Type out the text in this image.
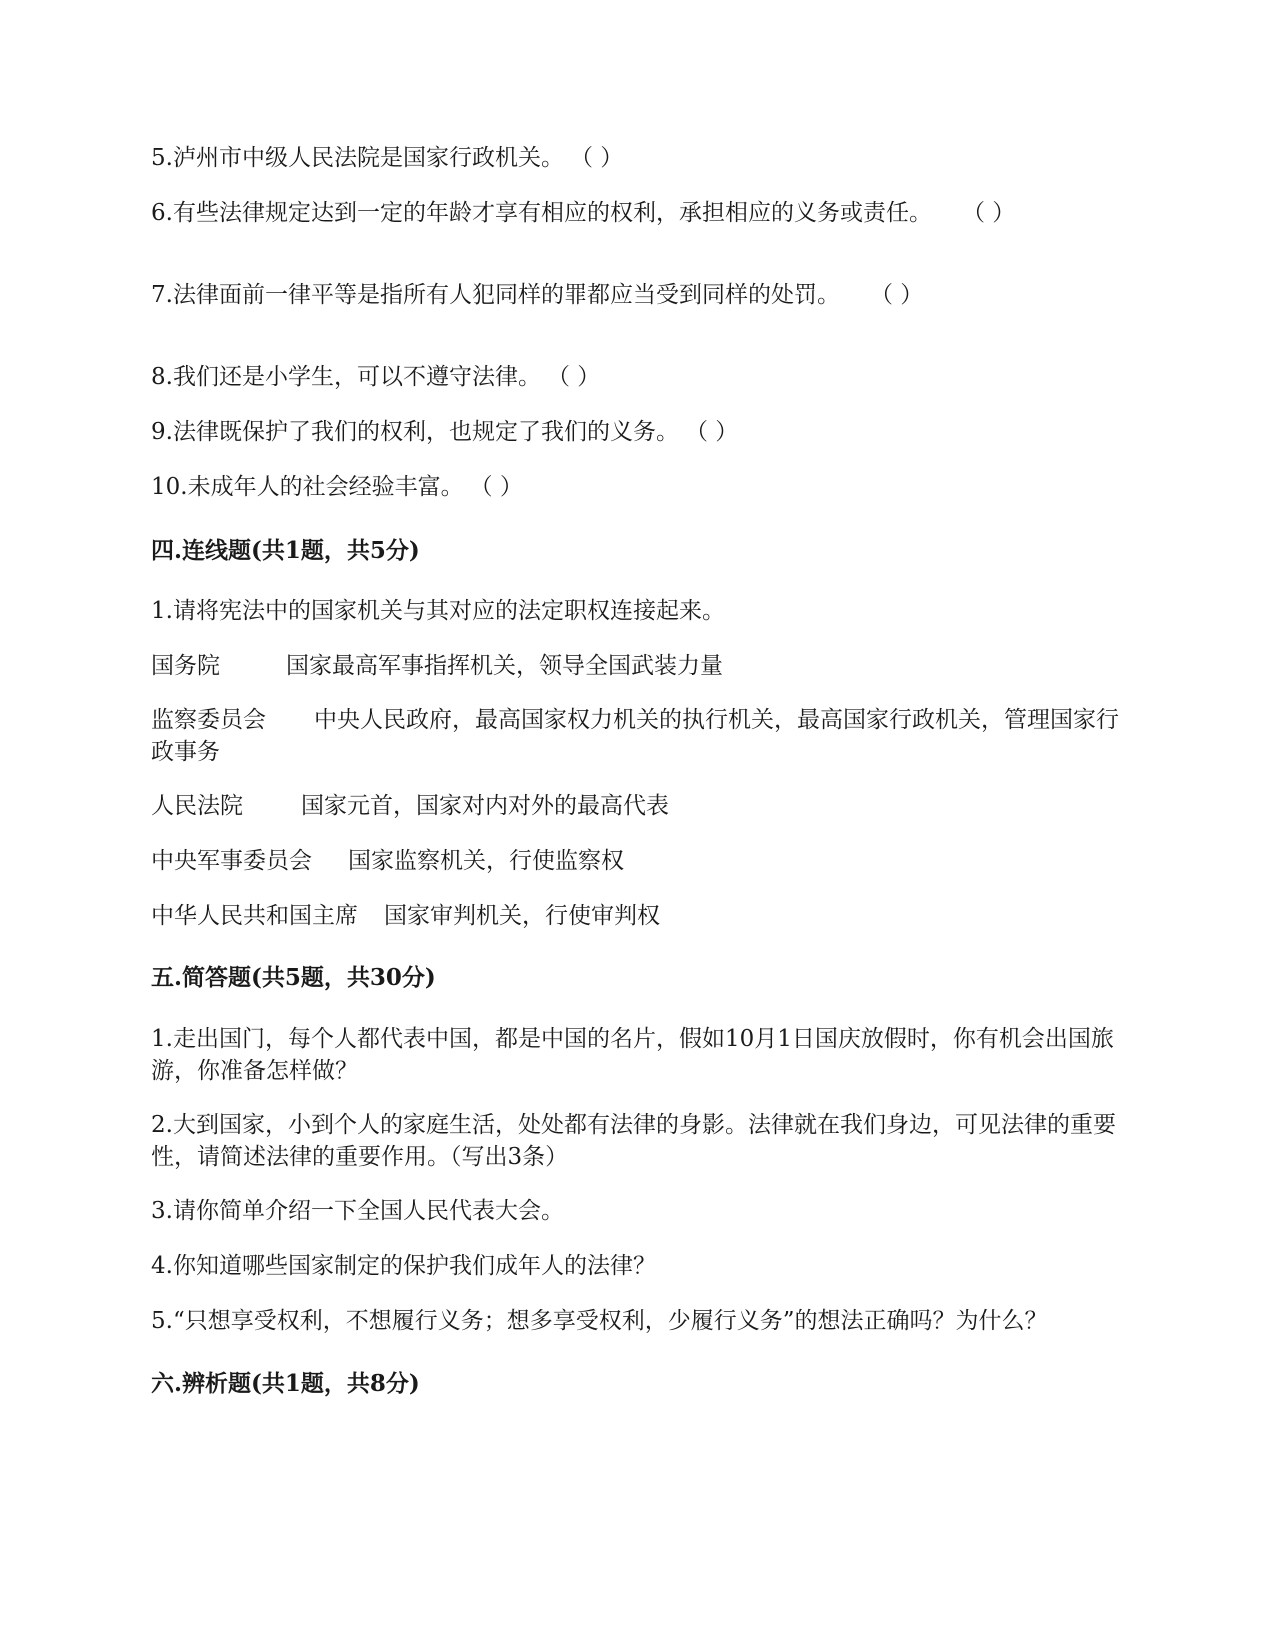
5.泸州市中级人民法院是国家行政机关。 （ ）
6.有些法律规定达到一定的年龄才享有相应的权利，承担相应的义务或责任。 （ ）
7.法律面前一律平等是指所有人犯同样的罪都应当受到同样的处罚。 （ ）
8.我们还是小学生，可以不遵守法律。 （ ）
9.法律既保护了我们的权利，也规定了我们的义务。 （ ）
10.未成年人的社会经验丰富。 （ ）
四.连线题(共1题，共5分)
1.请将宪法中的国家机关与其对应的法定职权连接起来。
国务院	国家最高军事指挥机关，领导全国武装力量
监察委员会 中央人民政府，最高国家权力机关的执行机关，最高国家行政机关，管理国家行政事务
人民法院	国家元首，国家对内对外的最高代表
中央军事委员会 国家监察机关，行使监察权
中华人民共和国主席 国家审判机关，行使审判权
五.简答题(共5题，共30分)
1.走出国门，每个人都代表中国，都是中国的名片，假如10月1日国庆放假时，你有机会出国旅游，你准备怎样做？
2.大到国家，小到个人的家庭生活，处处都有法律的身影。法律就在我们身边，可见法律的重要性，请简述法律的重要作用。（写出3条）
3.请你简单介绍一下全国人民代表大会。
4.你知道哪些国家制定的保护我们成年人的法律？
5.“只想享受权利，不想履行义务；想多享受权利，少履行义务”的想法正确吗？为什么？
六.辨析题(共1题，共8分)
